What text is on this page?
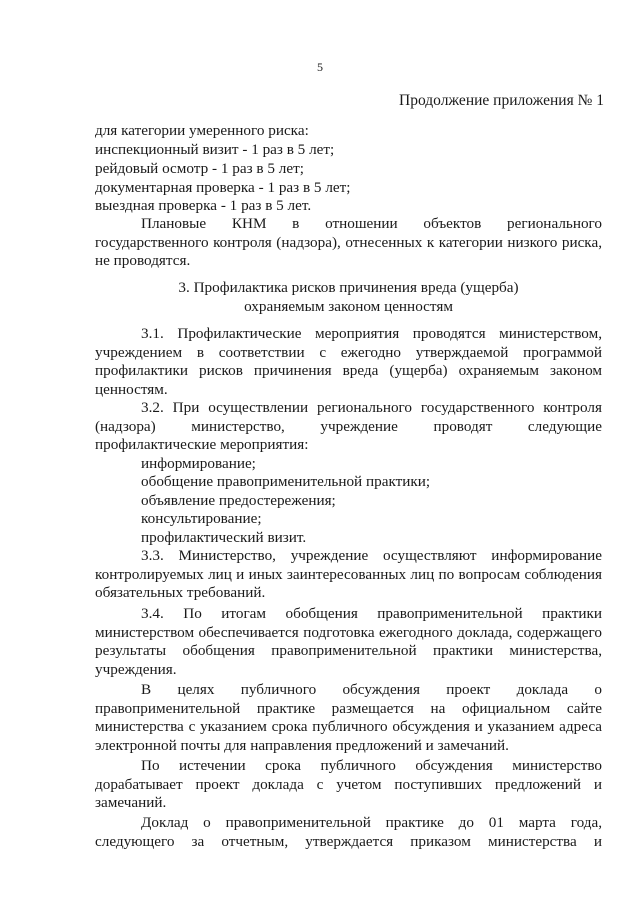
5
Продолжение приложения № 1
для категории умеренного риска:
инспекционный визит - 1 раз в 5 лет;
рейдовый осмотр - 1 раз в 5 лет;
документарная проверка - 1 раз в 5 лет;
выездная проверка - 1 раз в 5 лет.
Плановые КНМ в отношении объектов регионального
государственного контроля (надзора), отнесенных к категории низкого риска,
не проводятся.
3. Профилактика рисков причинения вреда (ущерба)
охраняемым законом ценностям
3.1. Профилактические мероприятия проводятся министерством,
учреждением в соответствии с ежегодно утверждаемой программой
профилактики рисков причинения вреда (ущерба) охраняемым законом
ценностям.
3.2. При осуществлении регионального государственного контроля
(надзора) министерство, учреждение проводят следующие
профилактические мероприятия:
информирование;
обобщение правоприменительной практики;
объявление предостережения;
консультирование;
профилактический визит.
3.3. Министерство, учреждение осуществляют информирование
контролируемых лиц и иных заинтересованных лиц по вопросам соблюдения
обязательных требований.
3.4. По итогам обобщения правоприменительной практики
министерством обеспечивается подготовка ежегодного доклада, содержащего
результаты обобщения правоприменительной практики министерства,
учреждения.
В целях публичного обсуждения проект доклада о
правоприменительной практике размещается на официальном сайте
министерства с указанием срока публичного обсуждения и указанием адреса
электронной почты для направления предложений и замечаний.
По истечении срока публичного обсуждения министерство
дорабатывает проект доклада с учетом поступивших предложений и
замечаний.
Доклад о правоприменительной практике до 01 марта года,
следующего за отчетным, утверждается приказом министерства и
